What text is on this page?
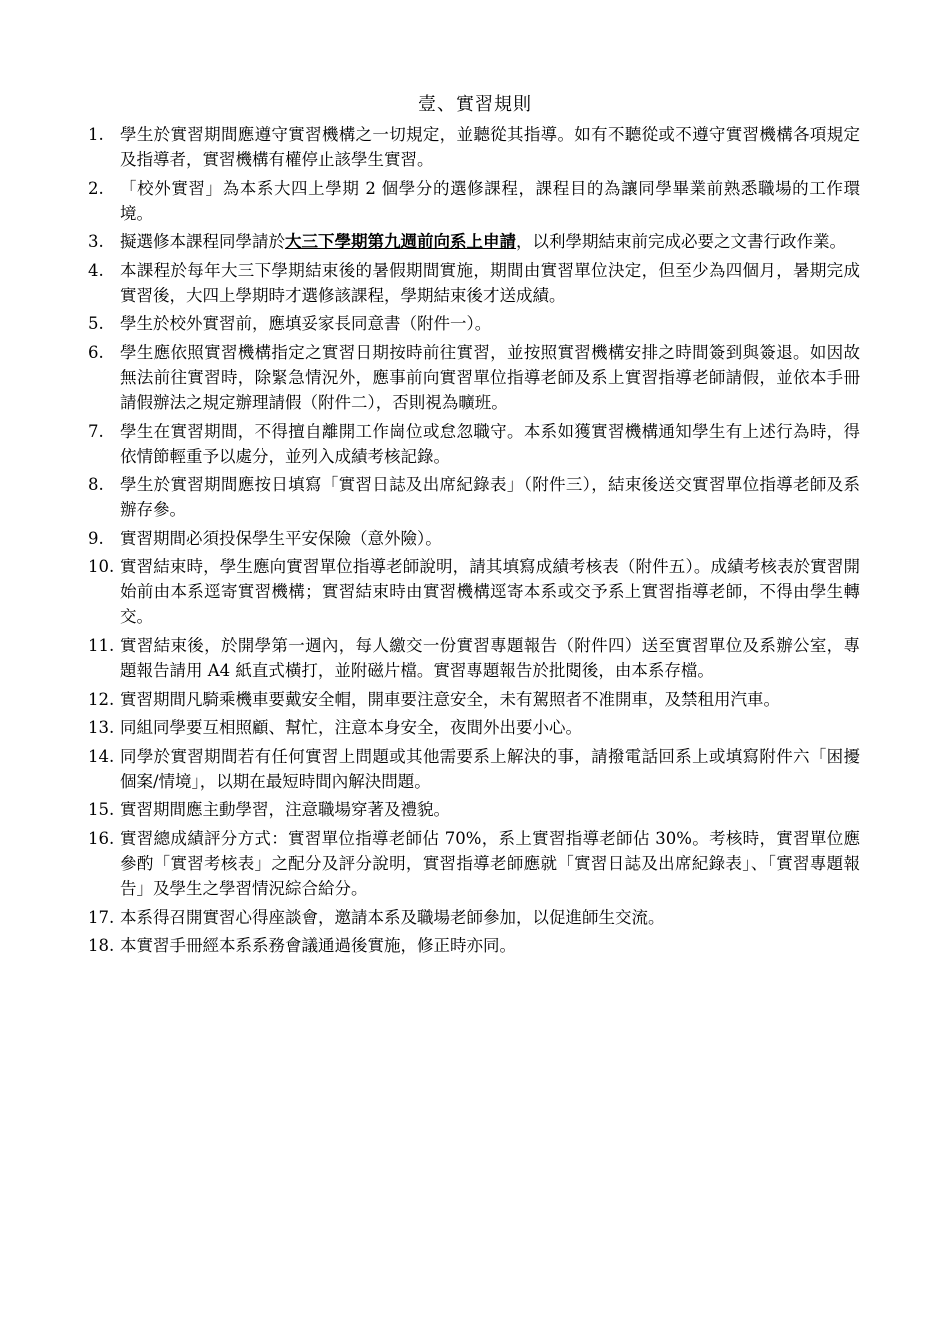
壹、實習規則
1. 學生於實習期間應遵守實習機構之一切規定，並聽從其指導。如有不聽從或不遵守實習機構各項規定及指導者，實習機構有權停止該學生實習。
2. 「校外實習」為本系大四上學期 2 個學分的選修課程，課程目的為讓同學畢業前熟悉職場的工作環境。
3. 擬選修本課程同學請於大三下學期第九週前向系上申請，以利學期結束前完成必要之文書行政作業。
4. 本課程於每年大三下學期結束後的暑假期間實施，期間由實習單位決定，但至少為四個月，暑期完成實習後，大四上學期時才選修該課程，學期結束後才送成績。
5. 學生於校外實習前，應填妥家長同意書（附件一）。
6. 學生應依照實習機構指定之實習日期按時前往實習，並按照實習機構安排之時間簽到與簽退。如因故無法前往實習時，除緊急情況外，應事前向實習單位指導老師及系上實習指導老師請假，並依本手冊請假辦法之規定辦理請假（附件二），否則視為曠班。
7. 學生在實習期間，不得擅自離開工作崗位或怠忽職守。本系如獲實習機構通知學生有上述行為時，得依情節輕重予以處分，並列入成績考核記錄。
8. 學生於實習期間應按日填寫「實習日誌及出席紀錄表」（附件三），結束後送交實習單位指導老師及系辦存參。
9. 實習期間必須投保學生平安保險（意外險）。
10. 實習結束時，學生應向實習單位指導老師說明，請其填寫成績考核表（附件五）。成績考核表於實習開始前由本系逕寄實習機構；實習結束時由實習機構逕寄本系或交予系上實習指導老師，不得由學生轉交。
11. 實習結束後，於開學第一週內，每人繳交一份實習專題報告（附件四）送至實習單位及系辦公室，專題報告請用 A4 紙直式橫打，並附磁片檔。實習專題報告於批閱後，由本系存檔。
12. 實習期間凡騎乘機車要戴安全帽，開車要注意安全，未有駕照者不准開車，及禁租用汽車。
13. 同組同學要互相照顧、幫忙，注意本身安全，夜間外出要小心。
14. 同學於實習期間若有任何實習上問題或其他需要系上解決的事，請撥電話回系上或填寫附件六「困擾個案/情境」，以期在最短時間內解決問題。
15. 實習期間應主動學習，注意職場穿著及禮貌。
16. 實習總成績評分方式：實習單位指導老師佔 70%，系上實習指導老師佔 30%。考核時，實習單位應參酌「實習考核表」之配分及評分說明，實習指導老師應就「實習日誌及出席紀錄表」、「實習專題報告」及學生之學習情況綜合給分。
17. 本系得召開實習心得座談會，邀請本系及職場老師參加，以促進師生交流。
18. 本實習手冊經本系系務會議通過後實施，修正時亦同。
